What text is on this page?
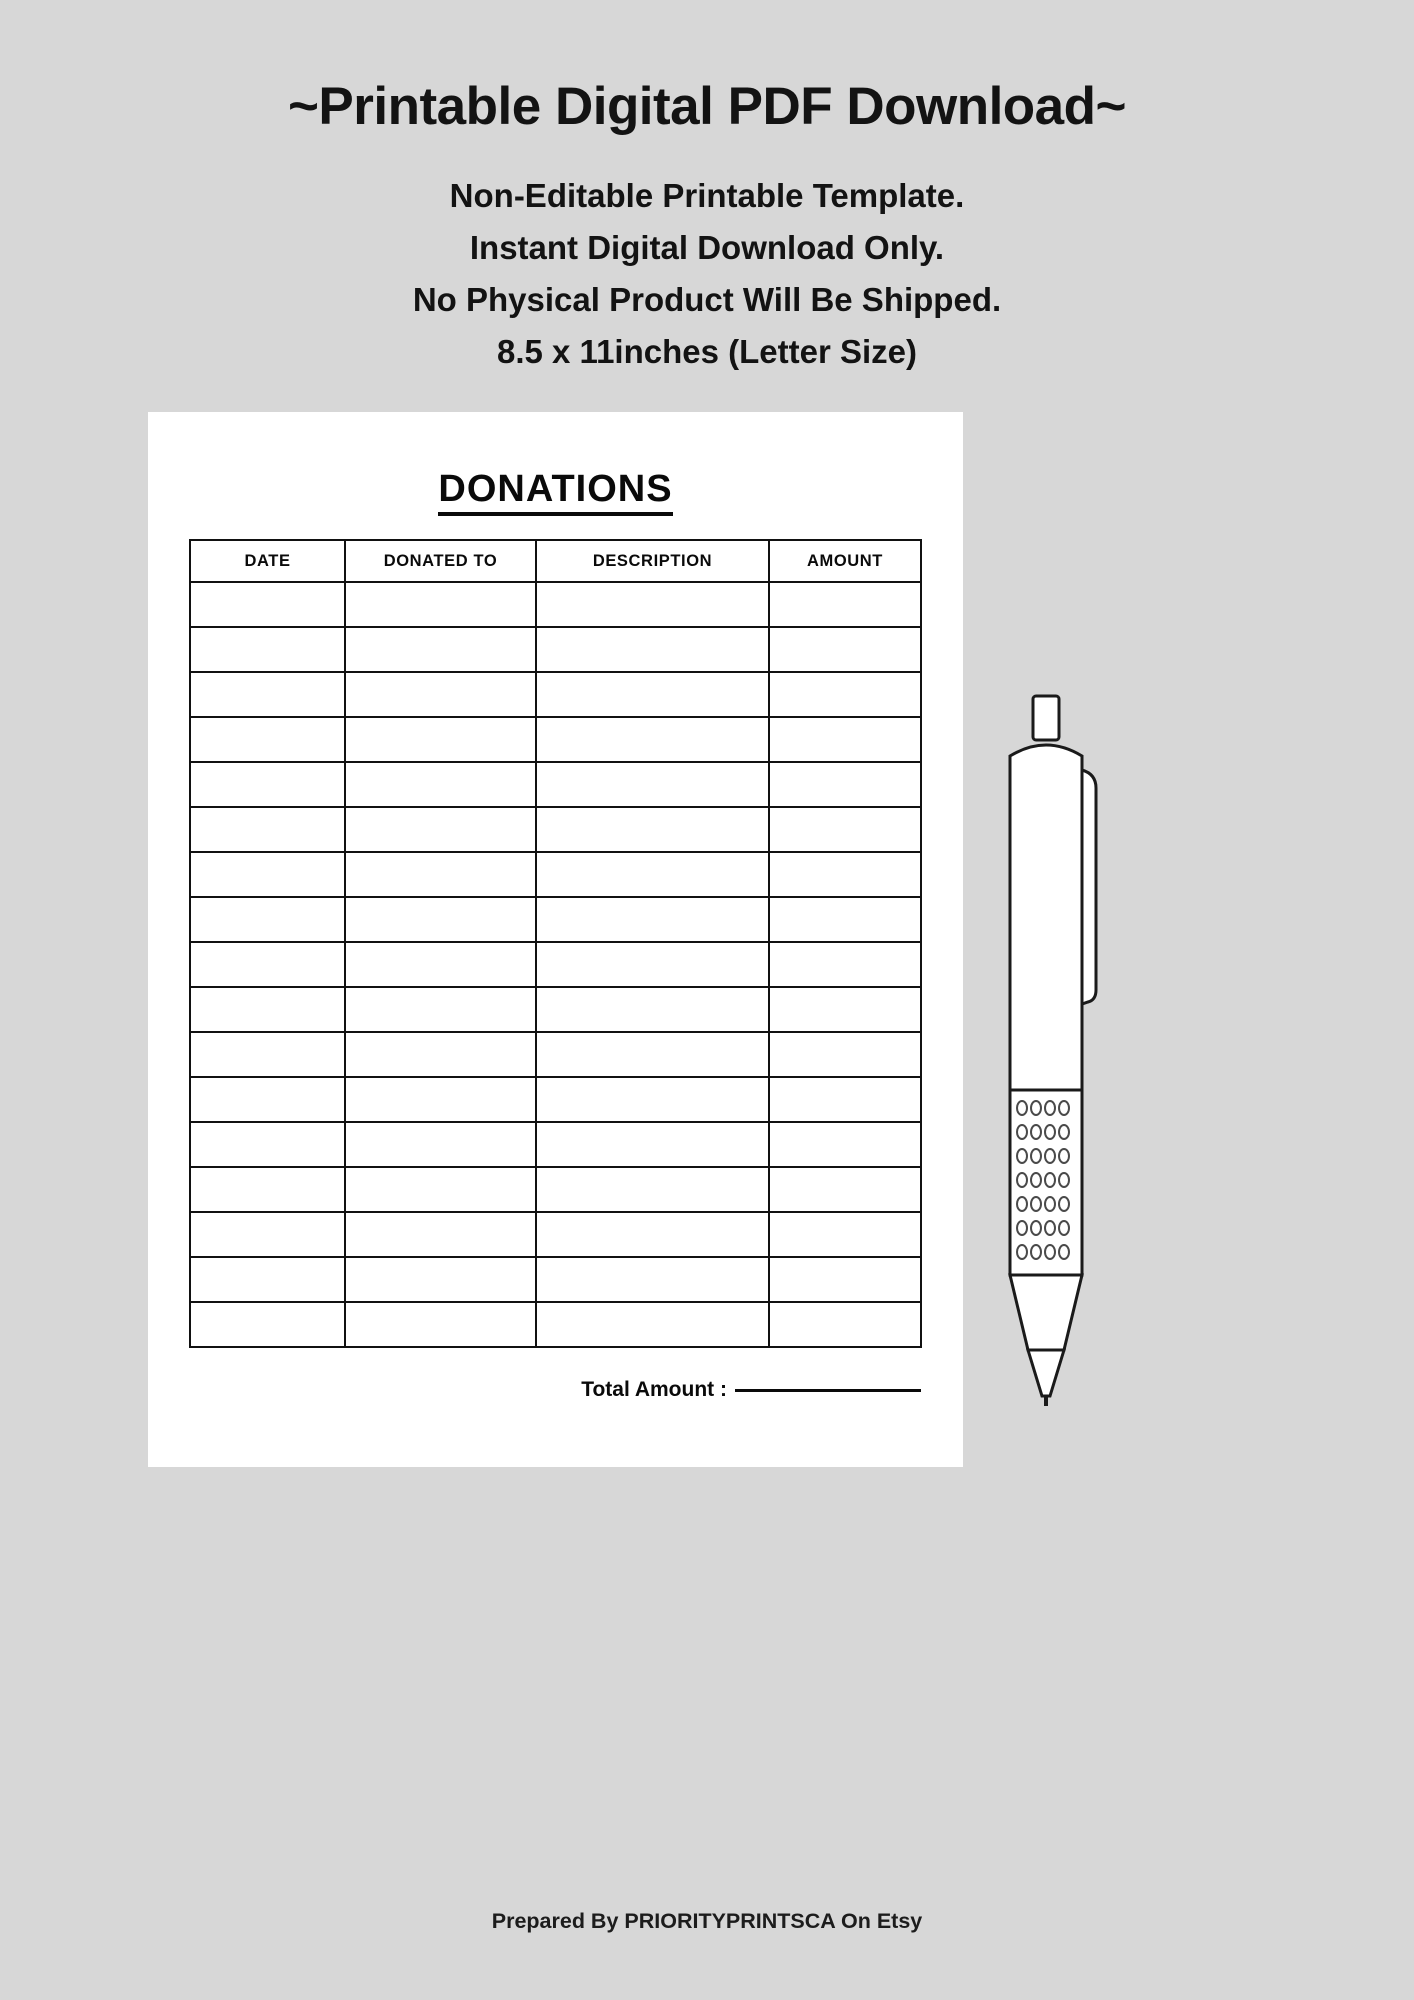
~Printable Digital PDF Download~
Non-Editable Printable Template.
Instant Digital Download Only.
No Physical Product Will Be Shipped.
8.5 x 11inches (Letter Size)
DONATIONS
DATE	DONATED TO	DESCRIPTION	AMOUNT

Total Amount :
Prepared By PRIORITYPRINTSCA On Etsy
